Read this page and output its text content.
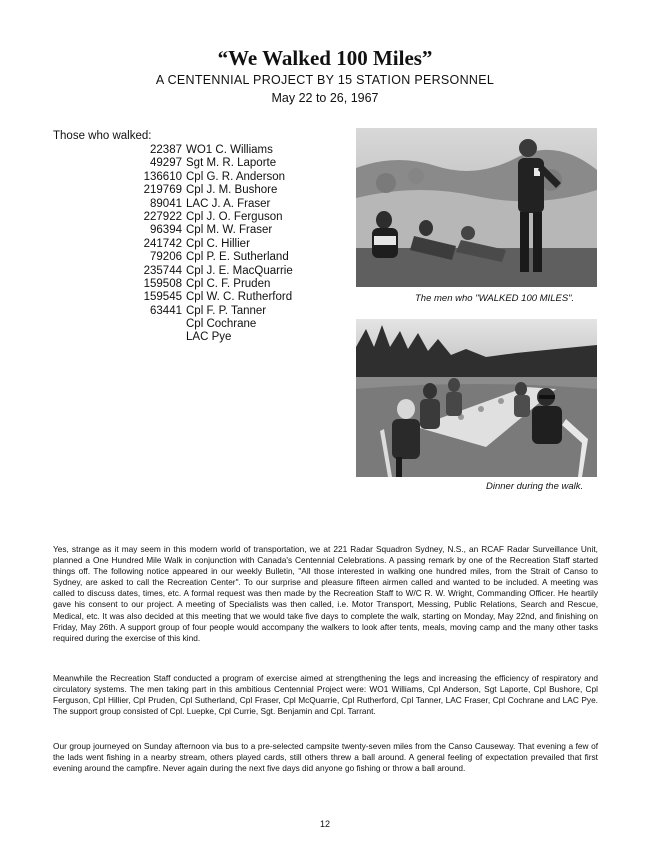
“We Walked 100 Miles”
A CENTENNIAL PROJECT BY 15 STATION PERSONNEL
May 22 to 26, 1967
Those who walked:
22387 WO1 C. Williams
49297 Sgt M. R. Laporte
136610 Cpl G. R. Anderson
219769 Cpl J. M. Bushore
89041 LAC J. A. Fraser
227922 Cpl J. O. Ferguson
96394 Cpl M. W. Fraser
241742 Cpl C. Hillier
79206 Cpl P. E. Sutherland
235744 Cpl J. E. MacQuarrie
159508 Cpl C. F. Pruden
159545 Cpl W. C. Rutherford
63441 Cpl F. P. Tanner
Cpl Cochrane
LAC Pye
The men who "WALKED 100 MILES".
Dinner during the walk.
Yes, strange as it may seem in this modern world of transportation, we at 221 Radar Squadron Sydney, N.S., an RCAF Radar Surveillance Unit, planned a One Hundred Mile Walk in conjunction with Canada's Centennial Celebrations. A passing remark by one of the Recreation Staff started things off. The following notice appeared in our weekly Bulletin, "All those interested in walking one hundred miles, from the Strait of Canso to Sydney, are asked to call the Recreation Center". To our surprise and pleasure fifteen airmen called and wanted to be included. A meeting was called to discuss dates, times, etc. A formal request was then made by the Recreation Staff to W/C R. W. Wright, Commanding Officer. He heartily gave his consent to our project. A meeting of Specialists was then called, i.e. Motor Transport, Messing, Public Relations, Search and Rescue, Medical, etc. It was also decided at this meeting that we would take five days to complete the walk, starting on Monday, May 22nd, and finishing on Friday, May 26th. A support group of four people would accompany the walkers to look after tents, meals, moving camp and the many other tasks required during the exercise of this kind.
Meanwhile the Recreation Staff conducted a program of exercise aimed at strengthening the legs and increasing the efficiency of respiratory and circulatory systems. The men taking part in this ambitious Centennial Project were: WO1 Williams, Cpl Anderson, Sgt Laporte, Cpl Bushore, Cpl Ferguson, Cpl Hillier, Cpl Pruden, Cpl Sutherland, Cpl Fraser, Cpl McQuarrie, Cpl Rutherford, Cpl Tanner, LAC Fraser, Cpl Cochrane and LAC Pye. The support group consisted of Cpl. Luepke, Cpl Currie, Sgt. Benjamin and Cpl. Tarrant.
Our group journeyed on Sunday afternoon via bus to a pre-selected campsite twenty-seven miles from the Canso Causeway. That evening a few of the lads went fishing in a nearby stream, others played cards, still others threw a ball around. A general feeling of expectation prevailed that first evening around the campfire. Never again during the next five days did anyone go fishing or throw a ball around.
12
